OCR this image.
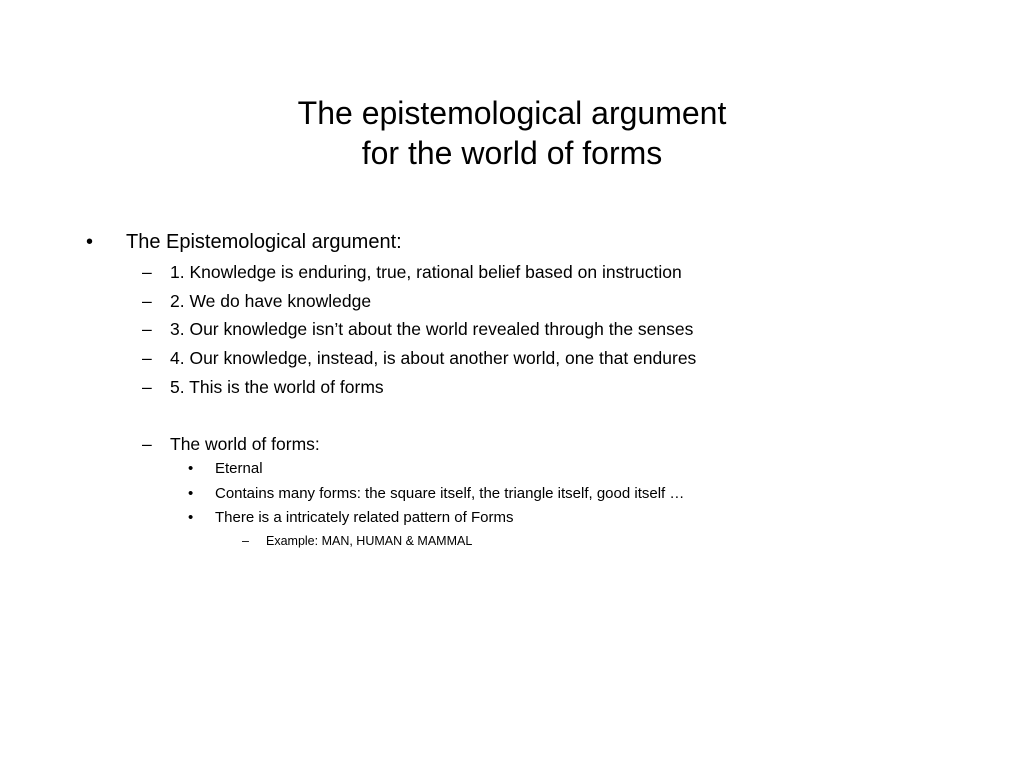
The epistemological argument
for the world of forms
• The Epistemological argument:
– 1. Knowledge is enduring, true, rational belief based on instruction
– 2. We do have knowledge
– 3. Our knowledge isn’t about the world revealed through the senses
– 4. Our knowledge, instead, is about another world, one that endures
– 5. This is the world of forms
– The world of forms:
• Eternal
• Contains many forms: the square itself, the triangle itself, good itself …
• There is a intricately related pattern of Forms
– Example: MAN, HUMAN & MAMMAL
